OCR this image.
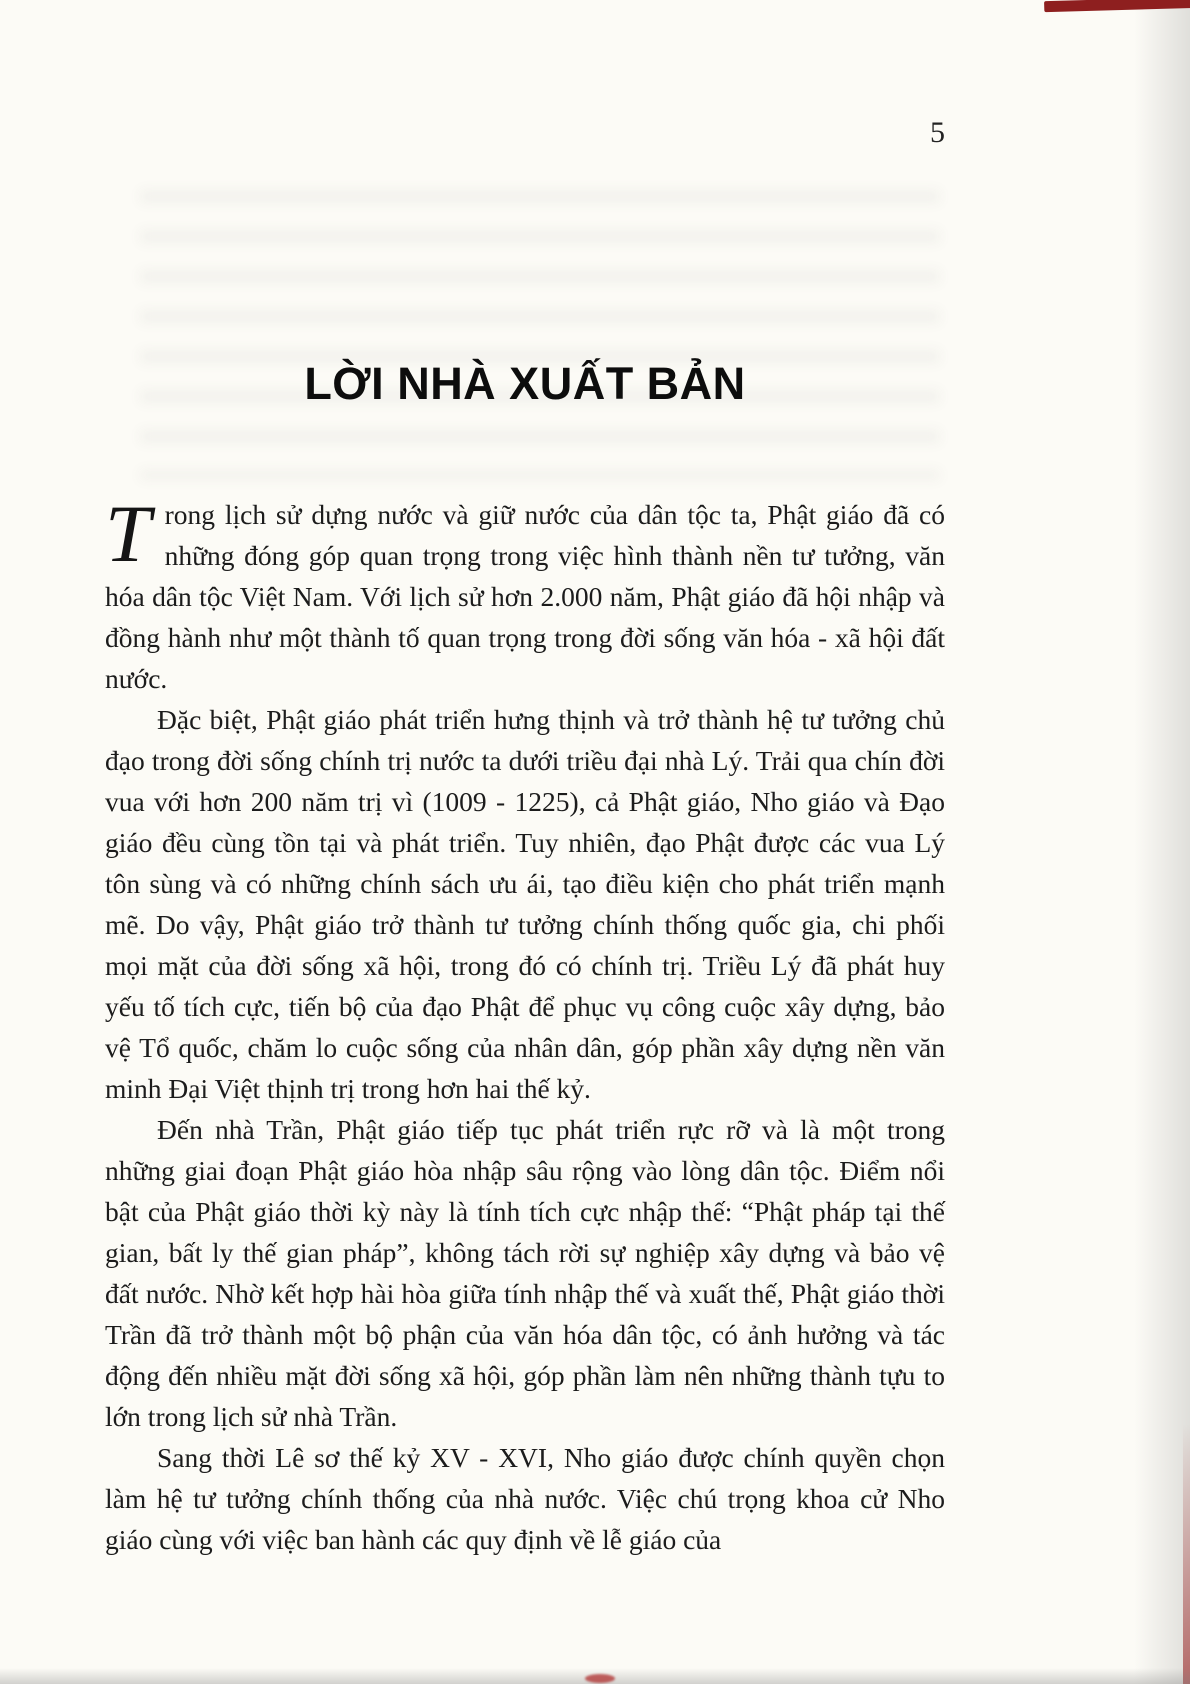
5
LỜI NHÀ XUẤT BẢN

Trong lịch sử dựng nước và giữ nước của dân tộc ta, Phật giáo đã có những đóng góp quan trọng trong việc hình thành nền tư tưởng, văn hóa dân tộc Việt Nam. Với lịch sử hơn 2.000 năm, Phật giáo đã hội nhập và đồng hành như một thành tố quan trọng trong đời sống văn hóa - xã hội đất nước.

Đặc biệt, Phật giáo phát triển hưng thịnh và trở thành hệ tư tưởng chủ đạo trong đời sống chính trị nước ta dưới triều đại nhà Lý. Trải qua chín đời vua với hơn 200 năm trị vì (1009 - 1225), cả Phật giáo, Nho giáo và Đạo giáo đều cùng tồn tại và phát triển. Tuy nhiên, đạo Phật được các vua Lý tôn sùng và có những chính sách ưu ái, tạo điều kiện cho phát triển mạnh mẽ. Do vậy, Phật giáo trở thành tư tưởng chính thống quốc gia, chi phối mọi mặt của đời sống xã hội, trong đó có chính trị. Triều Lý đã phát huy yếu tố tích cực, tiến bộ của đạo Phật để phục vụ công cuộc xây dựng, bảo vệ Tổ quốc, chăm lo cuộc sống của nhân dân, góp phần xây dựng nền văn minh Đại Việt thịnh trị trong hơn hai thế kỷ.

Đến nhà Trần, Phật giáo tiếp tục phát triển rực rỡ và là một trong những giai đoạn Phật giáo hòa nhập sâu rộng vào lòng dân tộc. Điểm nổi bật của Phật giáo thời kỳ này là tính tích cực nhập thế: “Phật pháp tại thế gian, bất ly thế gian pháp”, không tách rời sự nghiệp xây dựng và bảo vệ đất nước. Nhờ kết hợp hài hòa giữa tính nhập thế và xuất thế, Phật giáo thời Trần đã trở thành một bộ phận của văn hóa dân tộc, có ảnh hưởng và tác động đến nhiều mặt đời sống xã hội, góp phần làm nên những thành tựu to lớn trong lịch sử nhà Trần.

Sang thời Lê sơ thế kỷ XV - XVI, Nho giáo được chính quyền chọn làm hệ tư tưởng chính thống của nhà nước. Việc chú trọng khoa cử Nho giáo cùng với việc ban hành các quy định về lễ giáo của
